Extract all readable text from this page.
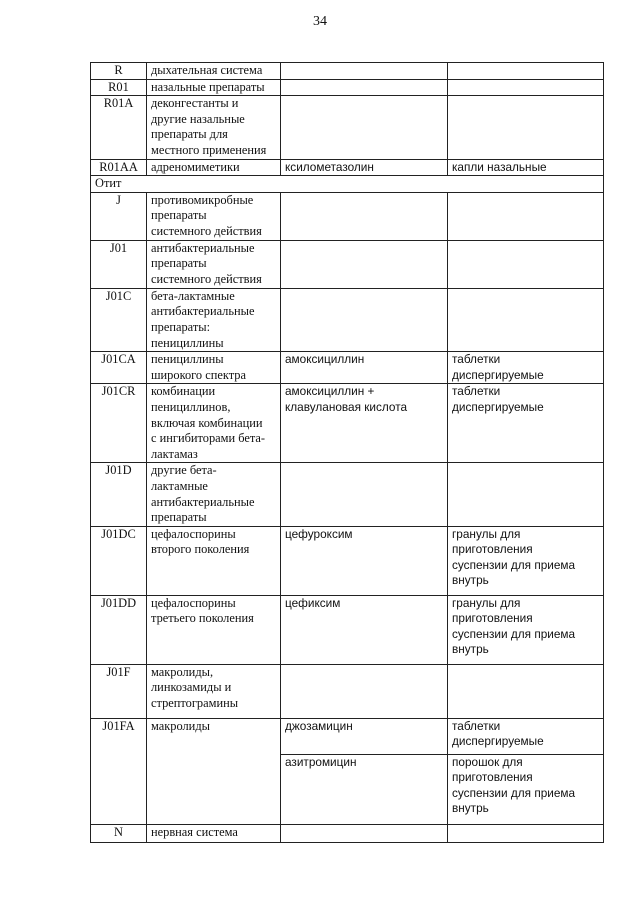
34
R	дыхательная система		

R01	назальные препараты		

R01A	деконгестанты и
другие назальные
препараты для
местного применения		

R01AA	адреномиметики	ксилометазолин	капли назальные

Отит			

J	противомикробные
препараты
системного действия		

J01	антибактериальные
препараты
системного действия		

J01C	бета-лактамные
антибактериальные
препараты:
пенициллины		

J01CA	пенициллины
широкого спектра	амоксициллин	таблетки
диспергируемые

J01CR	комбинации
пенициллинов,
включая комбинации
с ингибиторами бета-
лактамаз	амоксициллин +
клавулановая кислота	таблетки
диспергируемые

J01D	другие бета-
лактамные
антибактериальные
препараты		

J01DC	цефалоспорины
второго поколения	цефуроксим	гранулы для
приготовления
суспензии для приема
внутрь

J01DD	цефалоспорины
третьего поколения	цефиксим	гранулы для
приготовления
суспензии для приема
внутрь

J01F	макролиды,
линкозамиды и
стрептограмины		

J01FA	макролиды	джозамицин	таблетки
диспергируемые

		азитромицин	порошок для
приготовления
суспензии для приема
внутрь

N	нервная система		
